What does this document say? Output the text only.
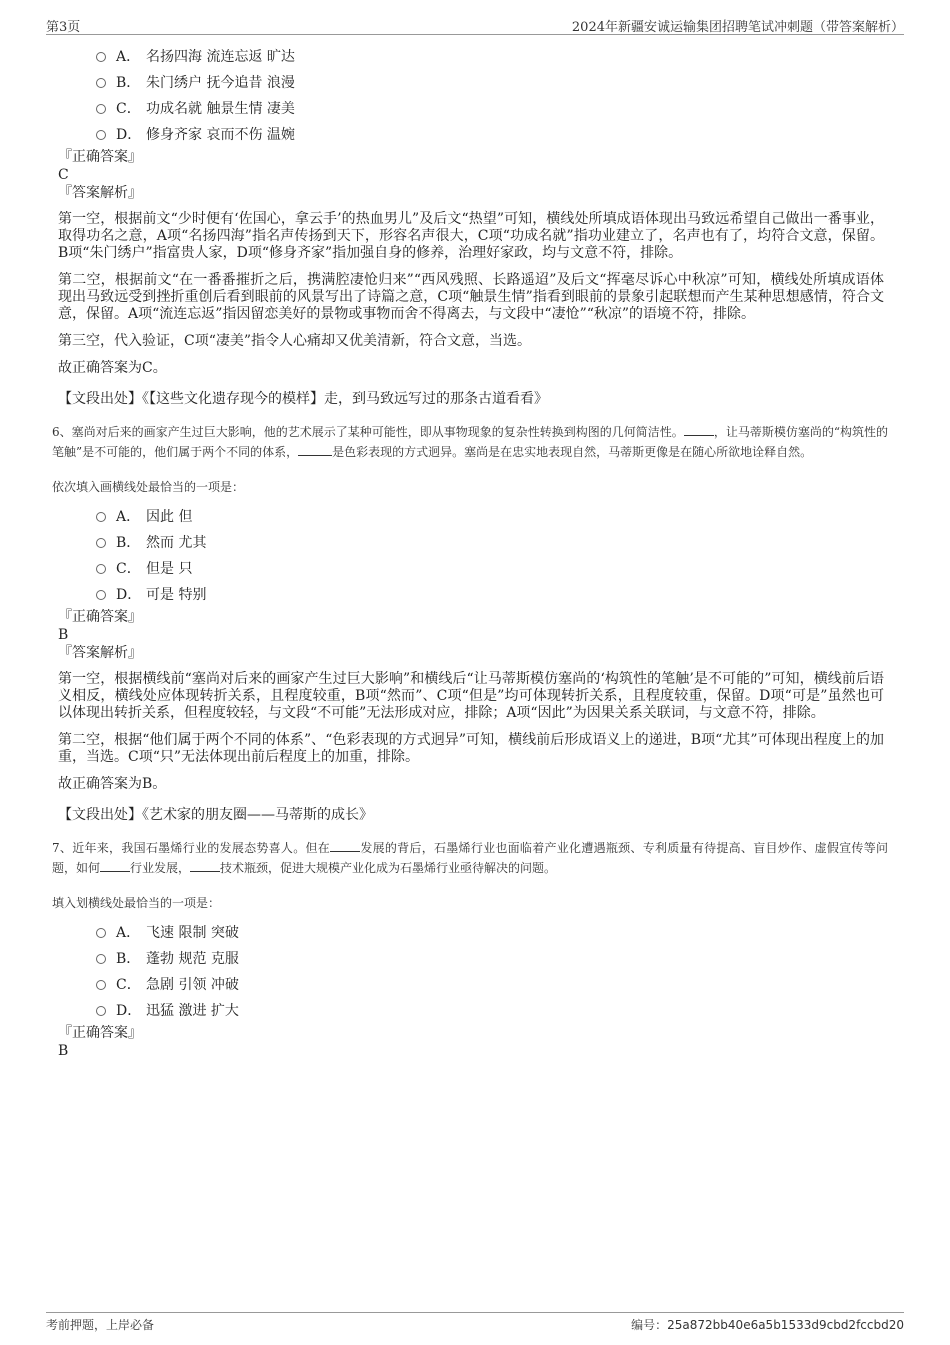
第3页	2024年新疆安诚运输集团招聘笔试冲刺题（带答案解析）
A． 名扬四海 流连忘返 旷达
B． 朱门绣户 抚今追昔 浪漫
C． 功成名就 触景生情 凄美
D． 修身齐家 哀而不伤 温婉
『正确答案』
C
『答案解析』
第一空，根据前文“少时便有‘佐国心，拿云手’的热血男儿”及后文“热望”可知，横线处所填成语体现出马致远希望自己做出一番事业，取得功名之意，A项“名扬四海”指名声传扬到天下，形容名声很大，C项“功成名就”指功业建立了，名声也有了，均符合文意，保留。B项“朱门绣户”指富贵人家，D项“修身齐家”指加强自身的修养，治理好家政，均与文意不符，排除。
第二空，根据前文“在一番番摧折之后，携满腔凄怆归来”“西风残照、长路遥迢”及后文“挥毫尽诉心中秋凉”可知，横线处所填成语体现出马致远受到挫折重创后看到眼前的风景写出了诗篇之意，C项“触景生情”指看到眼前的景象引起联想而产生某种思想感情，符合文意，保留。A项“流连忘返”指因留恋美好的景物或事物而舍不得离去，与文段中“凄怆”“秋凉”的语境不符，排除。
第三空，代入验证，C项“凄美”指令人心痛却又优美清新，符合文意，当选。
故正确答案为C。
【文段出处】《【这些文化遗存现今的模样】走，到马致远写过的那条古道看看》
6、塞尚对后来的画家产生过巨大影响，他的艺术展示了某种可能性，即从事物现象的复杂性转换到构图的几何简洁性。	，让马蒂斯模仿塞尚的“构筑性的笔触”是不可能的，他们属于两个不同的体系，	是色彩表现的方式迥异。塞尚是在忠实地表现自然，马蒂斯更像是在随心所欲地诠释自然。
依次填入画横线处最恰当的一项是：
A． 因此 但
B． 然而 尤其
C． 但是 只
D． 可是 特别
『正确答案』
B
『答案解析』
第一空，根据横线前“塞尚对后来的画家产生过巨大影响”和横线后“让马蒂斯模仿塞尚的‘构筑性的笔触’是不可能的”可知，横线前后语义相反，横线处应体现转折关系，且程度较重，B项“然而”、C项“但是”均可体现转折关系，且程度较重，保留。D项“可是”虽然也可以体现出转折关系，但程度较轻，与文段“不可能”无法形成对应，排除；A项“因此”为因果关系关联词，与文意不符，排除。
第二空，根据“他们属于两个不同的体系”、“色彩表现的方式迥异”可知，横线前后形成语义上的递进，B项“尤其”可体现出程度上的加重，当选。C项“只”无法体现出前后程度上的加重，排除。
故正确答案为B。
【文段出处】《艺术家的朋友圈——马蒂斯的成长》
7、近年来，我国石墨烯行业的发展态势喜人。但在	发展的背后，石墨烯行业也面临着产业化遭遇瓶颈、专利质量有待提高、盲目炒作、虚假宣传等问题，如何	行业发展，	技术瓶颈，促进大规模产业化成为石墨烯行业亟待解决的问题。
填入划横线处最恰当的一项是：
A． 飞速 限制 突破
B． 蓬勃 规范 克服
C． 急剧 引领 冲破
D． 迅猛 激进 扩大
『正确答案』
B
考前押题，上岸必备	编号：25a872bb40e6a5b1533d9cbd2fccbd20
